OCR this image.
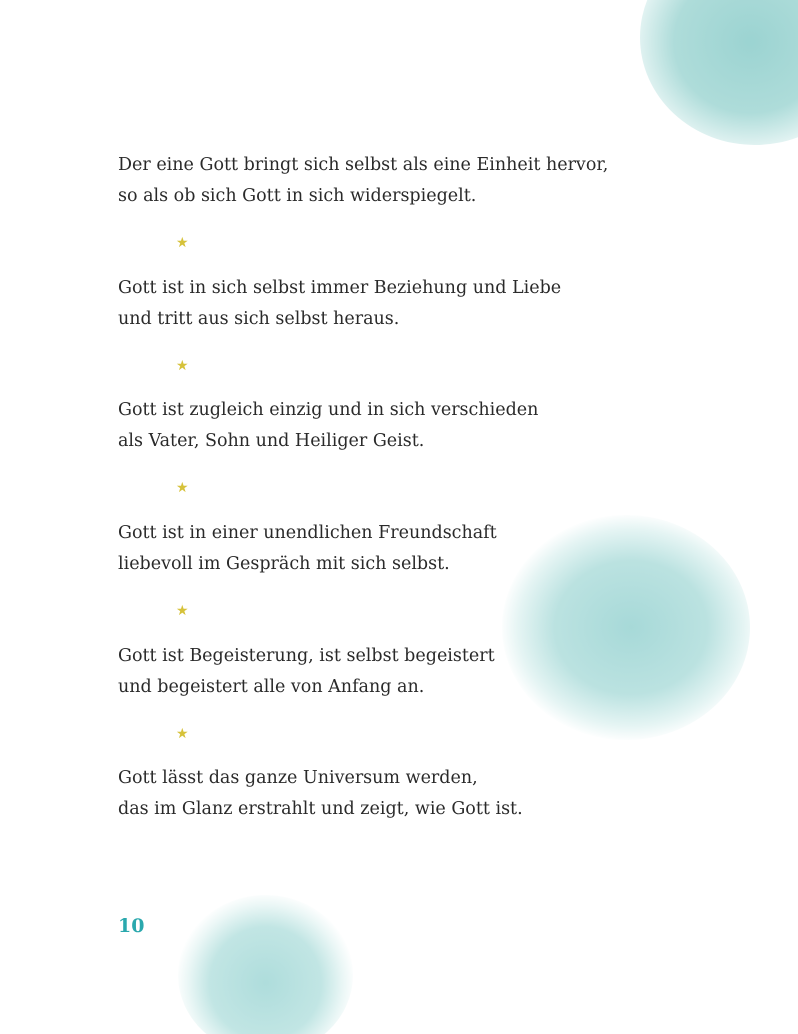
Der eine Gott bringt sich selbst als eine Einheit hervor,
so als ob sich Gott in sich widerspiegelt.

★

Gott ist in sich selbst immer Beziehung und Liebe
und tritt aus sich selbst heraus.

★

Gott ist zugleich einzig und in sich verschieden
als Vater, Sohn und Heiliger Geist.

★

Gott ist in einer unendlichen Freundschaft
liebevoll im Gespräch mit sich selbst.

★

Gott ist Begeisterung, ist selbst begeistert
und begeistert alle von Anfang an.

★

Gott lässt das ganze Universum werden,
das im Glanz erstrahlt und zeigt, wie Gott ist.

10
